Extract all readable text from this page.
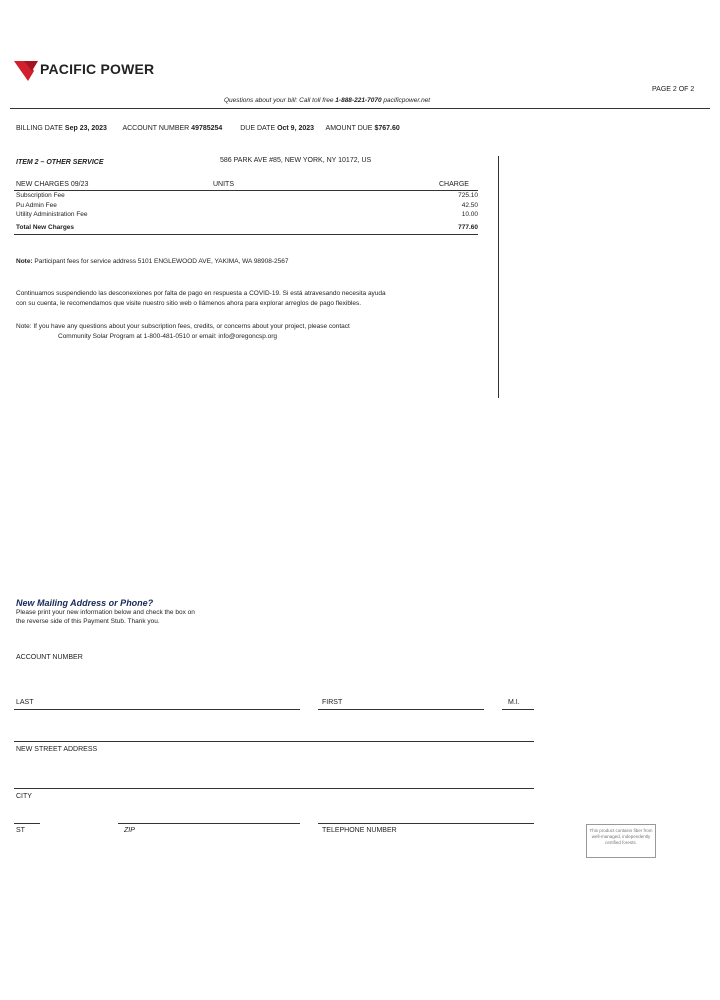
PACIFIC POWER
PAGE 2 OF 2
Questions about your bill: Call toll free 1-888-221-7070 pacificpower.net
BILLING DATE Sep 23, 2023 ACCOUNT NUMBER 49785254	DUE DATE Oct 9, 2023 AMOUNT DUE $767.60
ITEM 2 – OTHER SERVICE	586 PARK AVE #85, NEW YORK, NY 10172, US
NEW CHARGES 09/23	UNITS	CHARGE
Subscription Fee	725.10
Pu Admin Fee	42.50
Utility Administration Fee	10.00
Total New Charges	777.60
Note: Participant fees for service address 5101 ENGLEWOOD AVE, YAKIMA, WA 98908-2567
Continuamos suspendiendo las desconexiones por falta de pago en respuesta a COVID-19. Si está atravesando necesita ayuda
con su cuenta, le recomendamos que visite nuestro sitio web o llámenos ahora para explorar arreglos de pago flexibles.
Note: If you have any questions about your subscription fees, credits, or concerns about your project, please contact
Community Solar Program at 1-800-481-0510 or email: info@oregoncsp.org
New Mailing Address or Phone?
Please print your new information below and check the box on
the reverse side of this Payment Stub. Thank you.
ACCOUNT NUMBER
LAST	FIRST	M.I.
NEW STREET ADDRESS
CITY
ST	ZIP	TELEPHONE NUMBER	This product contains fiber from well-managed, independently certified forests.
